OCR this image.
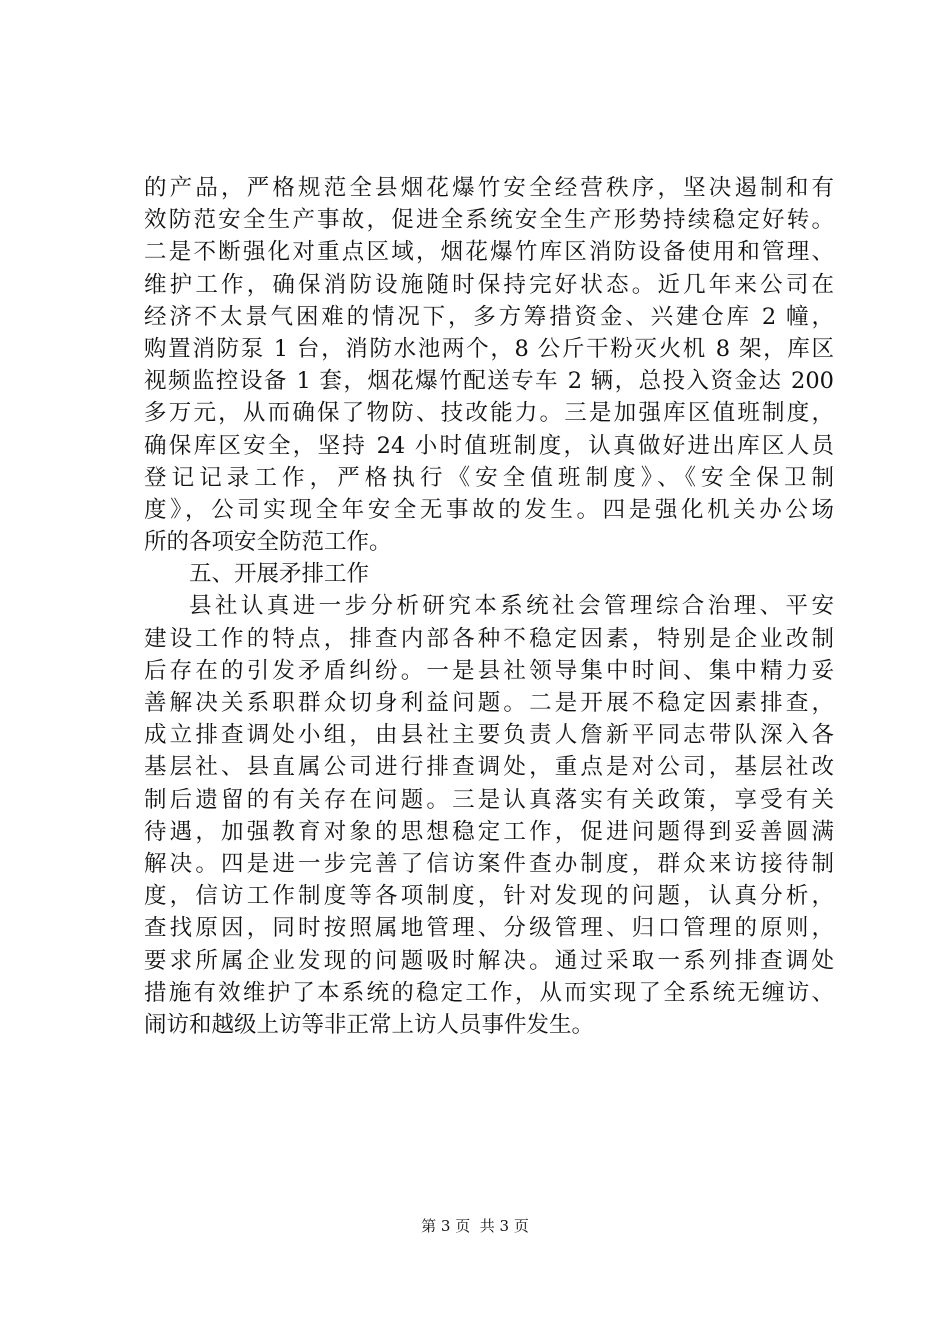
的产品，严格规范全县烟花爆竹安全经营秩序，坚决遏制和有
效防范安全生产事故，促进全系统安全生产形势持续稳定好转。
二是不断强化对重点区域，烟花爆竹库区消防设备使用和管理、
维护工作，确保消防设施随时保持完好状态。近几年来公司在
经济不太景气困难的情况下，多方筹措资金、兴建仓库 2 幢，
购置消防泵 1 台，消防水池两个，8 公斤干粉灭火机 8 架，库区
视频监控设备 1 套，烟花爆竹配送专车 2 辆，总投入资金达 200
多万元，从而确保了物防、技改能力。三是加强库区值班制度，
确保库区安全，坚持 24 小时值班制度，认真做好进出库区人员
登记记录工作，严格执行《安全值班制度》、《安全保卫制
度》，公司实现全年安全无事故的发生。四是强化机关办公场
所的各项安全防范工作。
五、开展矛排工作
县社认真进一步分析研究本系统社会管理综合治理、平安
建设工作的特点，排查内部各种不稳定因素，特别是企业改制
后存在的引发矛盾纠纷。一是县社领导集中时间、集中精力妥
善解决关系职群众切身利益问题。二是开展不稳定因素排查，
成立排查调处小组，由县社主要负责人詹新平同志带队深入各
基层社、县直属公司进行排查调处，重点是对公司，基层社改
制后遗留的有关存在问题。三是认真落实有关政策，享受有关
待遇，加强教育对象的思想稳定工作，促进问题得到妥善圆满
解决。四是进一步完善了信访案件查办制度，群众来访接待制
度，信访工作制度等各项制度，针对发现的问题，认真分析，
查找原因，同时按照属地管理、分级管理、归口管理的原则，
要求所属企业发现的问题吸时解决。通过采取一系列排查调处
措施有效维护了本系统的稳定工作，从而实现了全系统无缠访、
闹访和越级上访等非正常上访人员事件发生。
第 3 页  共 3 页
